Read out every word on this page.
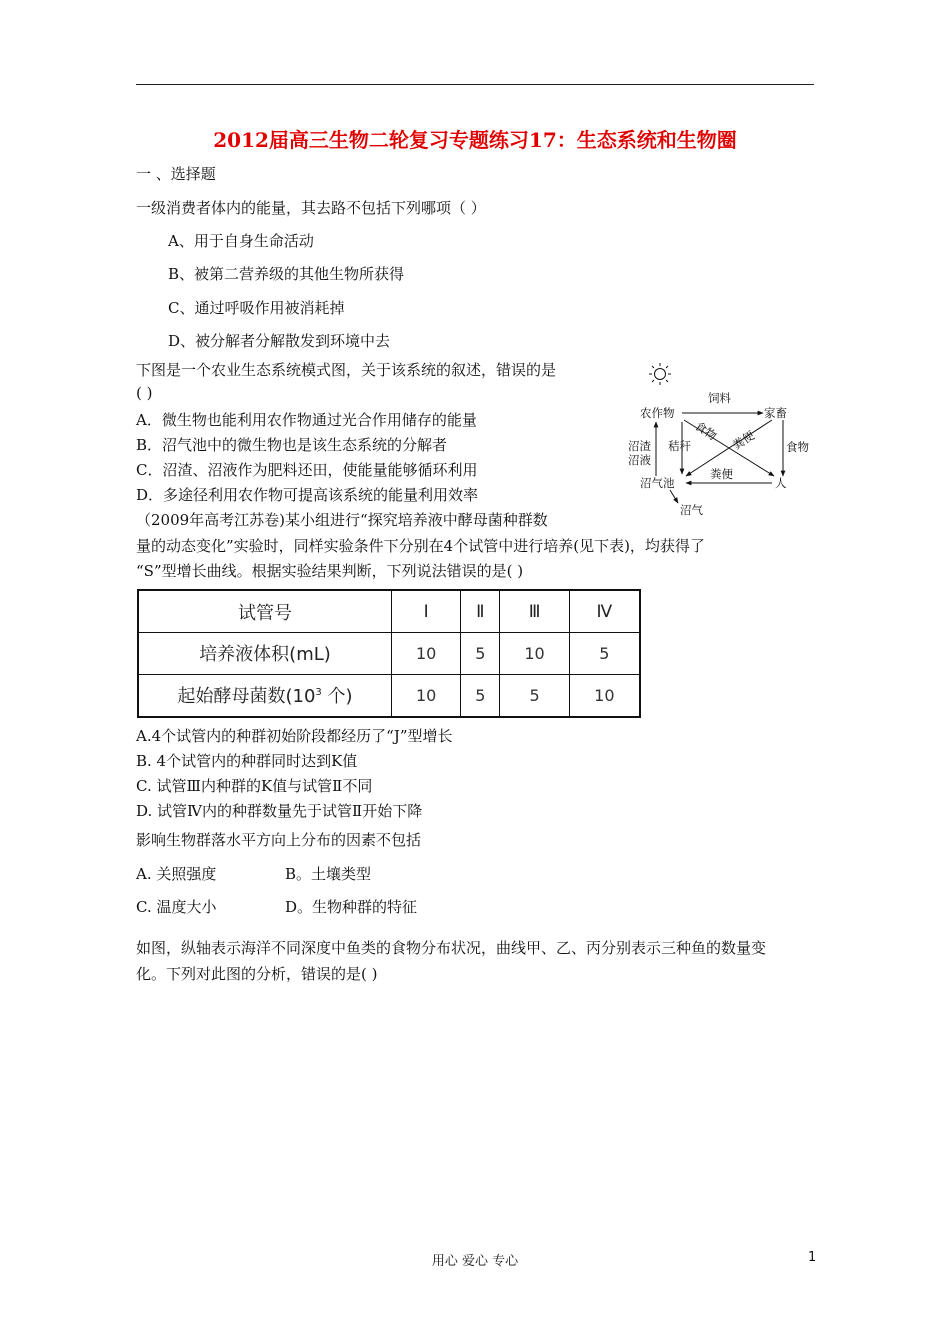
2012届高三生物二轮复习专题练习17：生态系统和生物圈
一 、选择题
一级消费者体内的能量，其去路不包括下列哪项（ ）
A、用于自身生命活动
B、被第二营养级的其他生物所获得
C、通过呼吸作用被消耗掉
D、被分解者分解散发到环境中去
下图是一个农业生态系统模式图，关于该系统的叙述，错误的是
( )
A．微生物也能利用农作物通过光合作用储存的能量
B．沼气池中的微生物也是该生态系统的分解者
C．沼渣、沼液作为肥料还田，使能量能够循环利用
D．多途径利用农作物可提高该系统的能量利用效率
农作物	家畜
沼气池	人
饲料
食物
沼渣
沼液
秸秆
粪便
食物 粪便
沼气
（2009年高考江苏卷)某小组进行“探究培养液中酵母菌种群数
量的动态变化”实验时，同样实验条件下分别在4个试管中进行培养(见下表)，均获得了
“S”型增长曲线。根据实验结果判断，下列说法错误的是( )
试管号	Ⅰ	Ⅱ	Ⅲ	Ⅳ
培养液体积(mL)	10	5	10	5
起始酵母菌数($10^3$ 个)	10	5	5	10
A.4个试管内的种群初始阶段都经历了“J”型增长
B. 4个试管内的种群同时达到K值
C. 试管Ⅲ内种群的K值与试管Ⅱ不同
D. 试管Ⅳ内的种群数量先于试管Ⅱ开始下降
影响生物群落水平方向上分布的因素不包括
A. 关照强度	B。土壤类型
C. 温度大小	D。生物种群的特征
如图，纵轴表示海洋不同深度中鱼类的食物分布状况，曲线甲、乙、丙分别表示三种鱼的数量变
化。下列对此图的分析，错误的是( )
用心 爱心 专心	1
